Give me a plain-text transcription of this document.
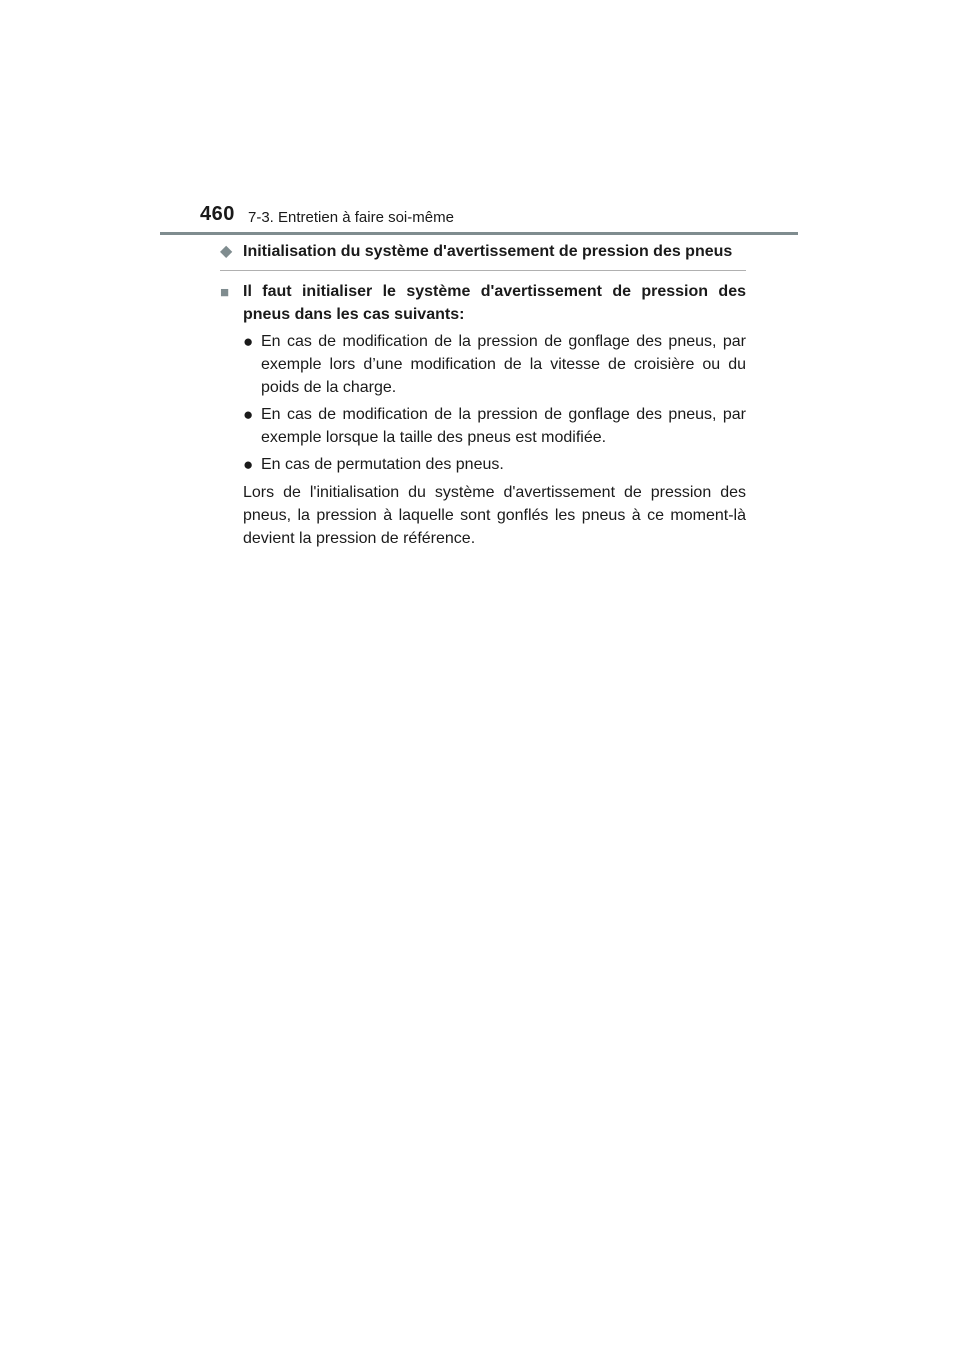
460 7-3. Entretien à faire soi-même
◆ Initialisation du système d'avertissement de pression des pneus
■ Il faut initialiser le système d'avertissement de pression des pneus dans les cas suivants:
● En cas de modification de la pression de gonflage des pneus, par exemple lors d’une modification de la vitesse de croisière ou du poids de la charge.
● En cas de modification de la pression de gonflage des pneus, par exemple lorsque la taille des pneus est modifiée.
● En cas de permutation des pneus.
Lors de l'initialisation du système d'avertissement de pression des pneus, la pression à laquelle sont gonflés les pneus à ce moment-là devient la pression de référence.
